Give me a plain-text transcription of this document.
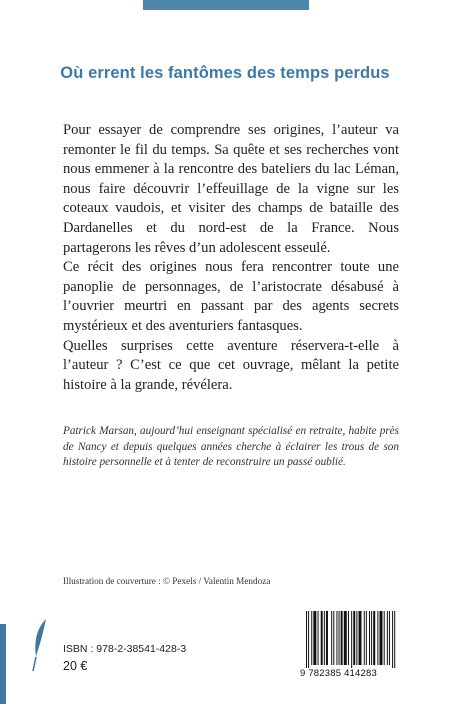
Où errent les fantômes des temps perdus

Pour essayer de comprendre ses origines, l’auteur va remonter le fil du temps. Sa quête et ses recherches vont nous emmener à la rencontre des bateliers du lac Léman, nous faire découvrir l’effeuillage de la vigne sur les coteaux vaudois, et visiter des champs de bataille des Dardanelles et du nord-est de la France. Nous partagerons les rêves d’un adolescent esseulé.

Ce récit des origines nous fera rencontrer toute une panoplie de personnages, de l’aristocrate désabusé à l’ouvrier meurtri en passant par des agents secrets mystérieux et des aventuriers fantasques.

Quelles surprises cette aventure réservera-t-elle à l’auteur ? C’est ce que cet ouvrage, mêlant la petite histoire à la grande, révélera.

Patrick Marsan, aujourd’hui enseignant spécialisé en retraite, habite près de Nancy et depuis quelques années cherche à éclairer les trous de son histoire personnelle et à tenter de reconstruire un passé oublié.
Illustration de couverture : © Pexels / Valentin Mendoza
ISBN : 978-2-38541-428-3
20 €
9 782385 414283
